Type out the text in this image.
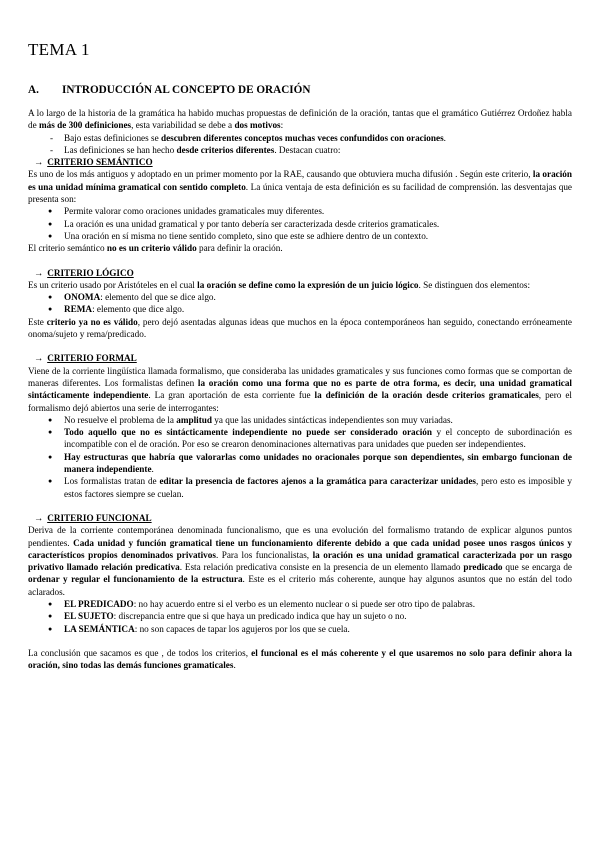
TEMA 1
A. INTRODUCCIÓN AL CONCEPTO DE ORACIÓN

A lo largo de la historia de la gramática ha habido muchas propuestas de definición de la oración, tantas que el gramático Gutiérrez Ordoñez habla de más de 300 definiciones, esta variabilidad se debe a dos motivos:

-	Bajo estas definiciones se descubren diferentes conceptos muchas veces confundidos con oraciones.
-	Las definiciones se han hecho desde criterios diferentes. Destacan cuatro:
→ CRITERIO SEMÁNTICO

Es uno de los más antiguos y adoptado en un primer momento por la RAE, causando que obtuviera mucha difusión . Según este criterio, la oración es una unidad mínima gramatical con sentido completo. La única ventaja de esta definición es su facilidad de comprensión. las desventajas que presenta son:

●	Permite valorar como oraciones unidades gramaticales muy diferentes.
●	La oración es una unidad gramatical y por tanto debería ser caracterizada desde criterios gramaticales.
●	Una oración en sí misma no tiene sentido completo, sino que este se adhiere dentro de un contexto.

El criterio semántico no es un criterio válido para definir la oración.

→ CRITERIO LÓGICO

Es un criterio usado por Aristóteles en el cual la oración se define como la expresión de un juicio lógico. Se distinguen dos elementos:

●	ONOMA: elemento del que se dice algo.
●	REMA: elemento que dice algo.

Este criterio ya no es válido, pero dejó asentadas algunas ideas que muchos en la época contemporáneos han seguido, conectando erróneamente onoma/sujeto y rema/predicado.

→ CRITERIO FORMAL

Viene de la corriente lingüística llamada formalismo, que consideraba las unidades gramaticales y sus funciones como formas que se comportan de maneras diferentes. Los formalistas definen la oración como una forma que no es parte de otra forma, es decir, una unidad gramatical sintácticamente independiente. La gran aportación de esta corriente fue la definición de la oración desde criterios gramaticales, pero el formalismo dejó abiertos una serie de interrogantes:

●	No resuelve el problema de la amplitud ya que las unidades sintácticas independientes son muy variadas.
●	Todo aquello que no es sintácticamente independiente no puede ser considerado oración y el concepto de subordinación es incompatible con el de oración. Por eso se crearon denominaciones alternativas para unidades que pueden ser independientes.
●	Hay estructuras que habría que valorarlas como unidades no oracionales porque son dependientes, sin embargo funcionan de manera independiente.
●	Los formalistas tratan de editar la presencia de factores ajenos a la gramática para caracterizar unidades, pero esto es imposible y estos factores siempre se cuelan.
→ CRITERIO FUNCIONAL

Deriva de la corriente contemporánea denominada funcionalismo, que es una evolución del formalismo tratando de explicar algunos puntos pendientes. Cada unidad y función gramatical tiene un funcionamiento diferente debido a que cada unidad posee unos rasgos únicos y característicos propios denominados privativos. Para los funcionalistas, la oración es una unidad gramatical caracterizada por un rasgo privativo llamado relación predicativa. Esta relación predicativa consiste en la presencia de un elemento llamado predicado que se encarga de ordenar y regular el funcionamiento de la estructura. Este es el criterio más coherente, aunque hay algunos asuntos que no están del todo aclarados.

●	EL PREDICADO: no hay acuerdo entre si el verbo es un elemento nuclear o si puede ser otro tipo de palabras.
●	EL SUJETO: discrepancia entre que si que haya un predicado indica que hay un sujeto o no.
●	LA SEMÁNTICA: no son capaces de tapar los agujeros por los que se cuela.

La conclusión que sacamos es que , de todos los criterios, el funcional es el más coherente y el que usaremos no solo para definir ahora la oración, sino todas las demás funciones gramaticales.
